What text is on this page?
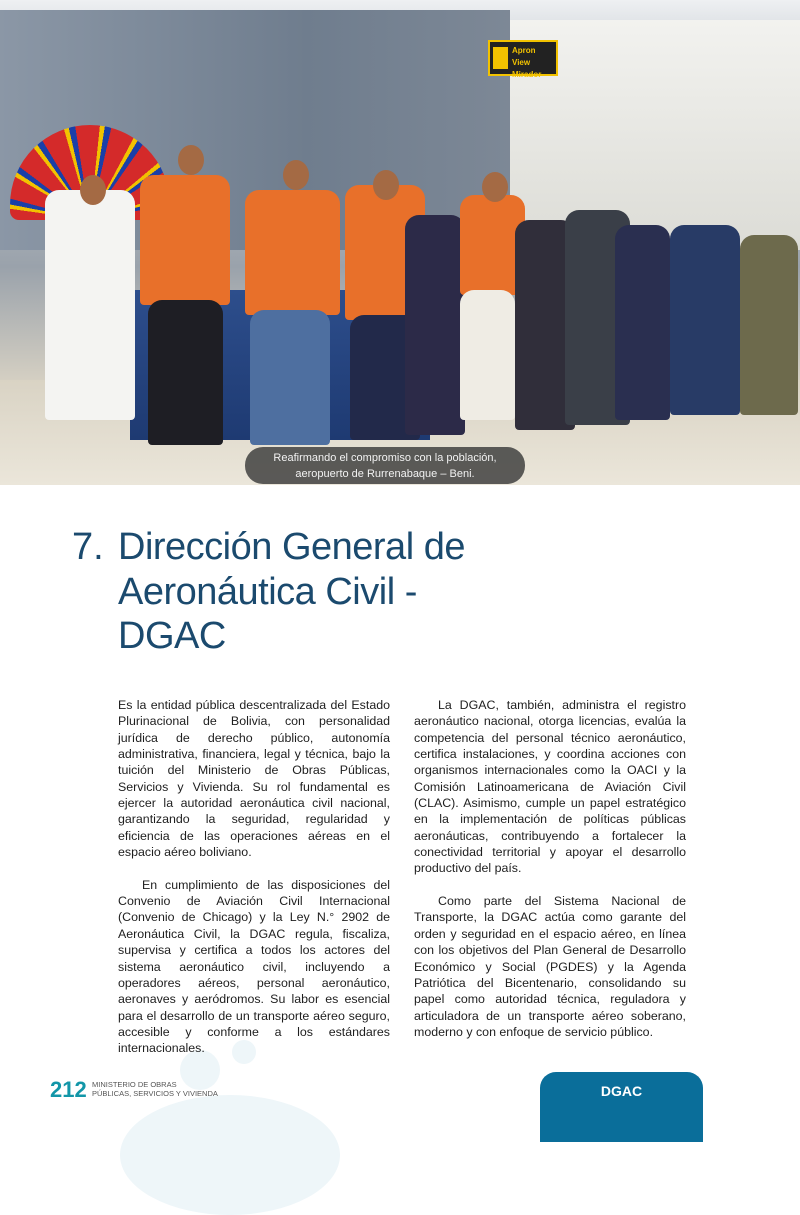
Apron View
Mirador
Reafirmando el compromiso con la población,
aeropuerto de Rurrenabaque – Beni.
7. Dirección General de Aeronáutica Civil - DGAC

Es la entidad pública descentralizada del Estado Plurinacional de Bolivia, con personalidad jurídica de derecho público, autonomía administrativa, financiera, legal y técnica, bajo la tuición del Ministerio de Obras Públicas, Servicios y Vivienda. Su rol fundamental es ejercer la autoridad aeronáutica civil nacional, garantizando la seguridad, regularidad y eficiencia de las operaciones aéreas en el espacio aéreo boliviano.

En cumplimiento de las disposiciones del Convenio de Aviación Civil Internacional (Convenio de Chicago) y la Ley N.° 2902 de Aeronáutica Civil, la DGAC regula, fiscaliza, supervisa y certifica a todos los actores del sistema aeronáutico civil, incluyendo a operadores aéreos, personal aeronáutico, aeronaves y aeródromos. Su labor es esencial para el desarrollo de un transporte aéreo seguro, accesible y conforme a los estándares internacionales.

La DGAC, también, administra el registro aeronáutico nacional, otorga licencias, evalúa la competencia del personal técnico aeronáutico, certifica instalaciones, y coordina acciones con organismos internacionales como la OACI y la Comisión Latinoamericana de Aviación Civil (CLAC). Asimismo, cumple un papel estratégico en la implementación de políticas públicas aeronáuticas, contribuyendo a fortalecer la conectividad territorial y apoyar el desarrollo productivo del país.

Como parte del Sistema Nacional de Transporte, la DGAC actúa como garante del orden y seguridad en el espacio aéreo, en línea con los objetivos del Plan General de Desarrollo Económico y Social (PGDES) y la Agenda Patriótica del Bicentenario, consolidando su papel como autoridad técnica, reguladora y articuladora de un transporte aéreo soberano, moderno y con enfoque de servicio público.

212 MINISTERIO DE OBRAS
PÚBLICAS, SERVICIOS Y VIVIENDA	DGAC
